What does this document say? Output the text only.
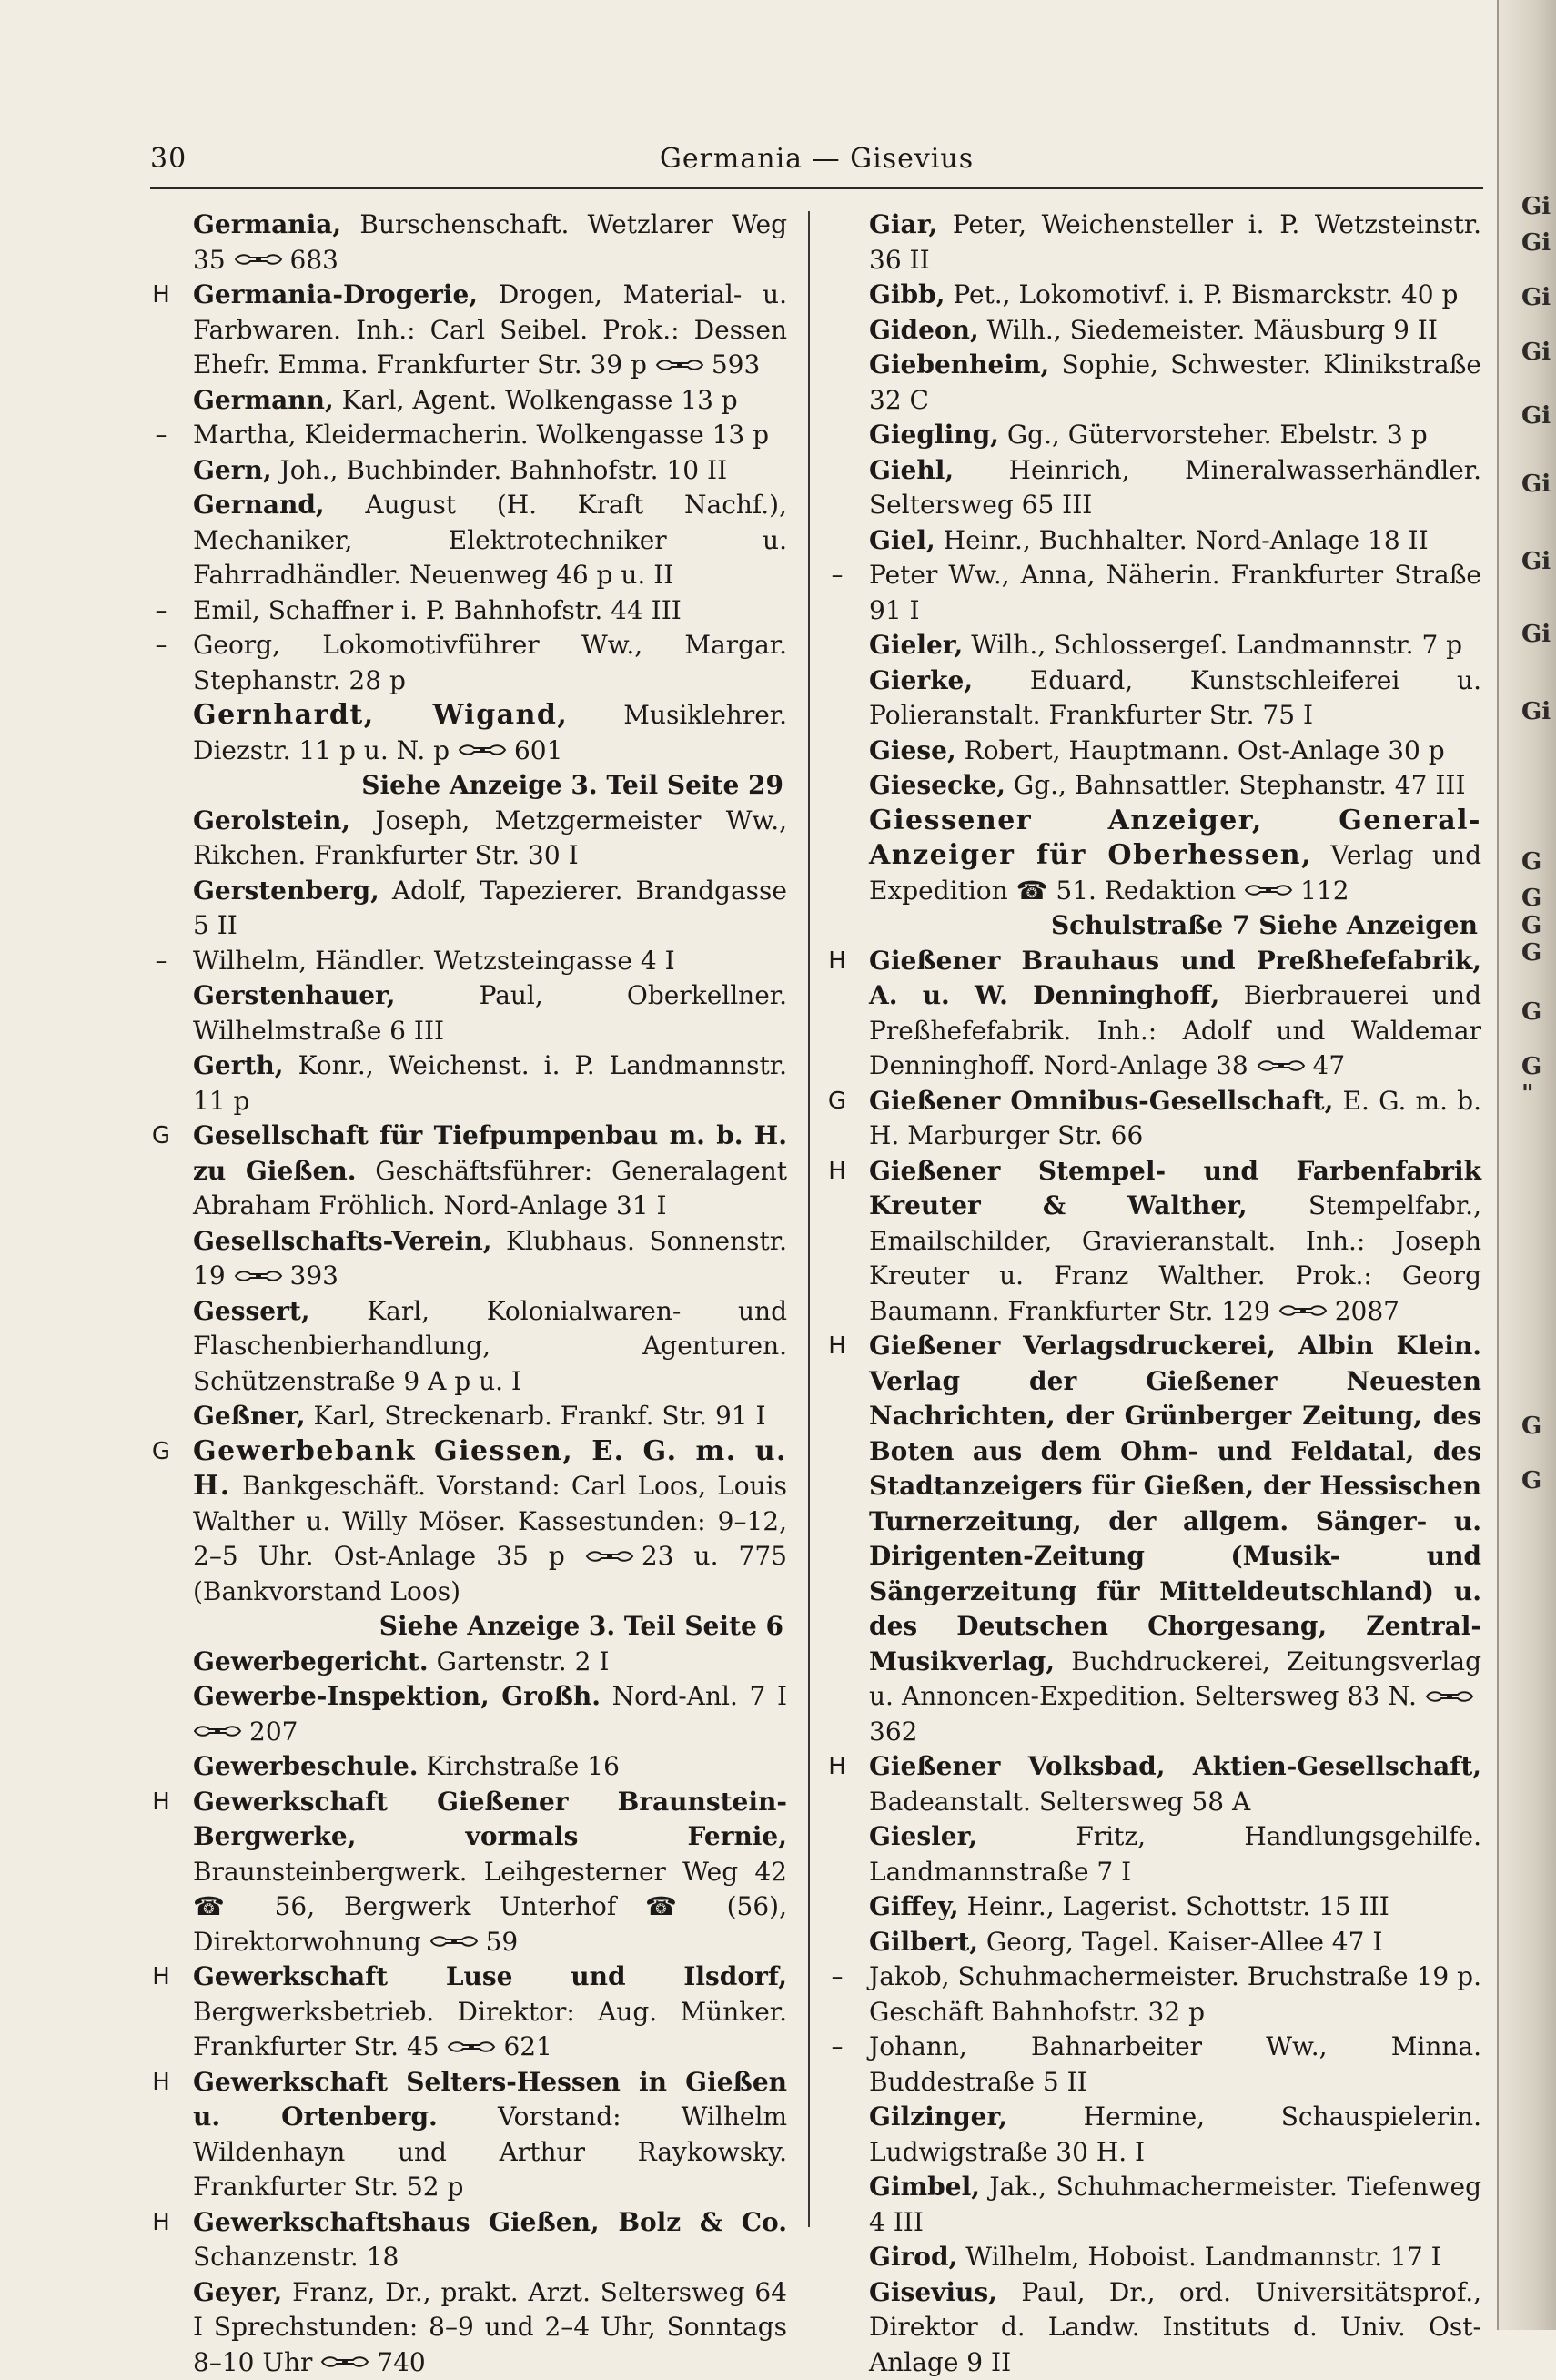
Gi
Gi
Gi
Gi
Gi
Gi
Gi
Gi
Gi
G
G
G
G
G
G
"
G
G
30	Germania — Gisevius
Germania, Burschenschaft. Wetzlarer Weg 35	683
H Germania-Drogerie, Drogen, Material- u. Farbwaren. Inh.: Carl Seibel. Prok.: Dessen Ehefr. Emma. Frankfurter Str. 39 p	593
Germann, Karl, Agent. Wolkengasse 13 p
– Martha, Kleidermacherin. Wolkengasse 13 p
Gern, Joh., Buchbinder. Bahnhofstr. 10 II
Gernand, August (H. Kraft Nachf.), Mechaniker, Elektrotechniker u. Fahrradhändler. Neuenweg 46 p u. II
– Emil, Schaffner i. P. Bahnhofstr. 44 III
– Georg, Lokomotivführer Ww., Margar. Stephanstr. 28 p
Gernhardt, Wigand, Musiklehrer. Diezstr. 11 p u. N. p	601
Siehe Anzeige 3. Teil Seite 29
Gerolstein, Joseph, Metzgermeister Ww., Rikchen. Frankfurter Str. 30 I
Gerstenberg, Adolf, Tapezierer. Brandgasse 5 II
– Wilhelm, Händler. Wetzsteingasse 4 I
Gerstenhauer,	Paul, Oberkellner. Wilhelmstraße 6 III
Gerth, Konr., Weichenst. i. P. Landmannstr. 11 p
G Gesellschaft für Tiefpumpenbau m. b. H. zu Gießen. Geschäftsführer: Generalagent Abraham Fröhlich. Nord-Anlage 31 I
Gesellschafts-Verein, Klubhaus. Sonnenstr. 19	393
Gessert, Karl, Kolonialwaren- und Flaschenbierhandlung, Agenturen. Schützenstraße 9 A p u. I
Geßner, Karl, Streckenarb. Frankf. Str. 91 I
G Gewerbebank Giessen, E. G. m. u. H. Bankgeschäft. Vorstand: Carl Loos, Louis Walther u. Willy Möser. Kassestunden: 9–12, 2–5 Uhr. Ost-Anlage 35 p	23 u. 775 (Bankvorstand Loos)
Siehe Anzeige 3. Teil Seite 6
Gewerbegericht. Gartenstr. 2 I
Gewerbe-Inspektion, Großh. Nord-Anl. 7 I
207
Gewerbeschule. Kirchstraße 16
H Gewerkschaft Gießener Braunstein-Bergwerke, vormals Fernie, Braunsteinbergwerk. Leihgesterner Weg 42 ☎ 56, Bergwerk Unterhof ☎ (56), Direktorwohnung	59
H Gewerkschaft Luse und Ilsdorf, Bergwerksbetrieb. Direktor: Aug. Münker. Frankfurter Str. 45	621
H Gewerkschaft Selters-Hessen in Gießen u. Ortenberg. Vorstand: Wilhelm Wildenhayn und Arthur Raykowsky. Frankfurter Str. 52 p
H Gewerkschaftshaus Gießen, Bolz & Co. Schanzenstr. 18
Geyer, Franz, Dr., prakt. Arzt. Seltersweg 64 I Sprechstunden: 8–9 und 2–4 Uhr, Sonntags 8–10 Uhr	740
Giar, Peter, Weichensteller i. P. Wetzsteinstr. 36 II
Gibb, Pet., Lokomotivf. i. P. Bismarckstr. 40 p
Gideon, Wilh., Siedemeister. Mäusburg 9 II
Giebenheim, Sophie, Schwester. Klinikstraße 32 C
Giegling, Gg., Gütervorsteher. Ebelstr. 3 p
Giehl, Heinrich, Mineralwasserhändler. Seltersweg 65 III
Giel, Heinr., Buchhalter. Nord-Anlage 18 II
– Peter Ww., Anna, Näherin. Frankfurter Straße 91 I
Gieler, Wilh., Schlossergeſ. Landmannstr. 7 p
Gierke, Eduard, Kunstschleiferei u. Polieranstalt. Frankfurter Str. 75 I
Giese, Robert, Hauptmann. Ost-Anlage 30 p
Giesecke, Gg., Bahnsattler. Stephanstr. 47 III
Giessener Anzeiger, General-Anzeiger für Oberhessen, Verlag und Expedition ☎ 51. Redaktion	112
Schulstraße 7 Siehe Anzeigen
H Gießener Brauhaus und Preßhefefabrik, A. u. W. Denninghoff, Bierbrauerei und Preßhefefabrik. Inh.: Adolf und Waldemar Denninghoff. Nord-Anlage 38	47
G Gießener Omnibus-Gesellschaft, E. G. m. b. H. Marburger Str. 66
H Gießener Stempel- und Farbenfabrik Kreuter & Walther, Stempelfabr., Emailschilder, Gravieranstalt. Inh.: Joseph Kreuter u. Franz Walther. Prok.: Georg Baumann. Frankfurter Str. 129	2087
H Gießener Verlagsdruckerei, Albin Klein. Verlag der Gießener Neuesten Nachrichten, der Grünberger Zeitung, des Boten aus dem Ohm- und Feldatal, des Stadtanzeigers für Gießen, der Hessischen Turnerzeitung, der allgem. Sänger- u. Dirigenten-Zeitung (Musik- und Sängerzeitung für Mitteldeutschland) u. des Deutschen Chorgesang, Zentral-Musikverlag, Buchdruckerei, Zeitungsverlag u. Annoncen-Expedition. Seltersweg 83 N.
362
H Gießener Volksbad, Aktien-Gesellschaft, Badeanstalt. Seltersweg 58 A
Giesler,	Fritz, Handlungsgehilfe. Landmannstraße 7 I
Giffey, Heinr., Lagerist. Schottstr. 15 III
Gilbert, Georg, Tagel. Kaiser-Allee 47 I
– Jakob, Schuhmachermeister. Bruchstraße 19 p. Geschäft Bahnhofstr. 32 p
– Johann, Bahnarbeiter Ww., Minna. Buddestraße 5 II
Gilzinger,	Hermine, Schauspielerin. Ludwigstraße 30 H. I
Gimbel, Jak., Schuhmachermeister. Tiefenweg 4 III
Girod, Wilhelm, Hoboist. Landmannstr. 17 I
Gisevius, Paul, Dr., ord. Universitätsprof., Direktor d. Landw. Instituts d. Univ. Ost-Anlage 9 II
